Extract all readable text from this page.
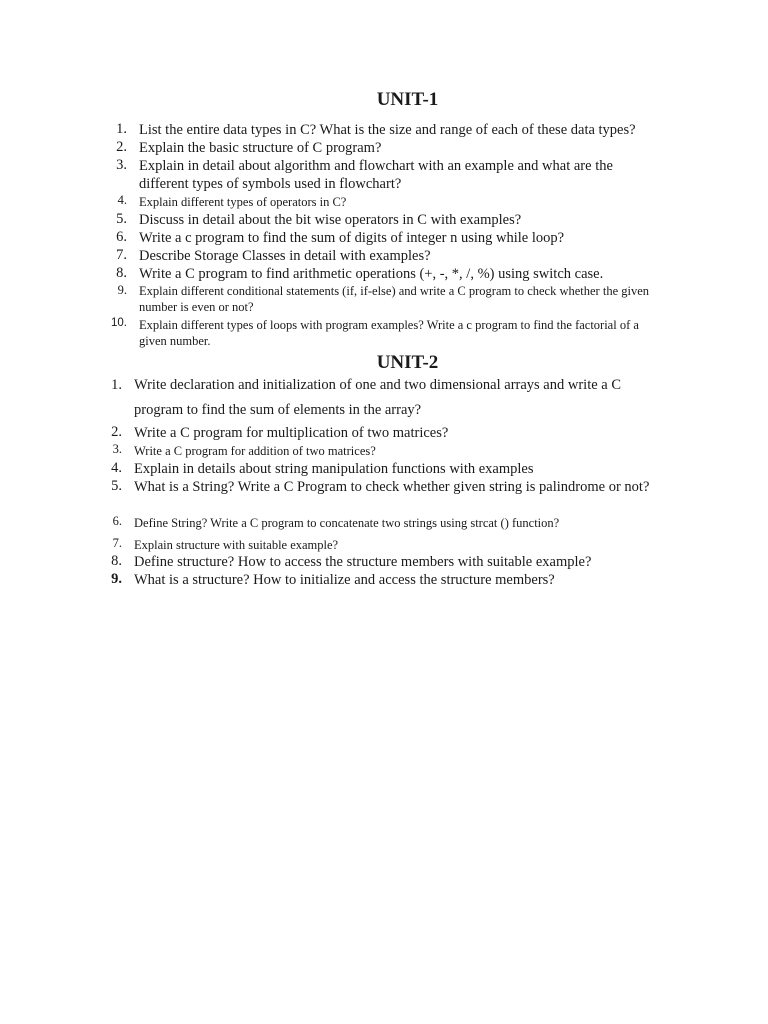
UNIT-1
1. List the entire data types in C? What is the size and range of each of these data types?
2. Explain the basic structure of C program?
3. Explain in detail about algorithm and flowchart with an example and what are the different types of symbols used in flowchart?
4. Explain different types of operators in C?
5. Discuss in detail about the bit wise operators in C with examples?
6. Write a c program to find the sum of digits of integer n using while loop?
7. Describe Storage Classes in detail with examples?
8. Write a C program to find arithmetic operations (+, -, *, /, %) using switch case.
9. Explain different conditional statements (if, if-else) and write a C program to check whether the given number is even or not?
10. Explain different types of loops with program examples? Write a c program to find the factorial of a given number.
UNIT-2
1. Write declaration and initialization of one and two dimensional arrays and write a C program to find the sum of elements in the array?
2. Write a C program for multiplication of two matrices?
3. Write a C program for addition of two matrices?
4. Explain in details about string manipulation functions with examples
5. What is a String? Write a C Program to check whether given string is palindrome or not?
6. Define String? Write a C program to concatenate two strings using strcat () function?
7. Explain structure with suitable example?
8. Define structure? How to access the structure members with suitable example?
9. What is a structure? How to initialize and access the structure members?
